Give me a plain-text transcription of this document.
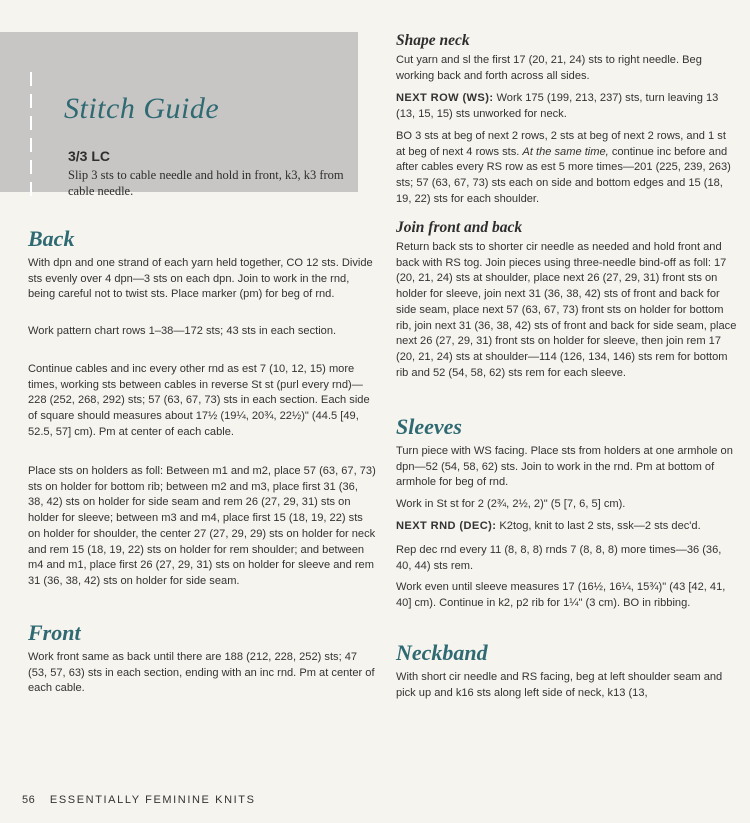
Stitch Guide

3/3 LC

Slip 3 sts to cable needle and hold in front, k3, k3 from cable needle.

Back

With dpn and one strand of each yarn held together, CO 12 sts. Divide sts evenly over 4 dpn—3 sts on each dpn. Join to work in the rnd, being careful not to twist sts. Place marker (pm) for beg of rnd.

Work pattern chart rows 1–38—172 sts; 43 sts in each section.

Continue cables and inc every other rnd as est 7 (10, 12, 15) more times, working sts between cables in reverse St st (purl every rnd)—228 (252, 268, 292) sts; 57 (63, 67, 73) sts in each section. Each side of square should measures about 17½ (19¼, 20¾, 22½)" (44.5 [49, 52.5, 57] cm). Pm at center of each cable.

Place sts on holders as foll: Between m1 and m2, place 57 (63, 67, 73) sts on holder for bottom rib; between m2 and m3, place first 31 (36, 38, 42) sts on holder for side seam and rem 26 (27, 29, 31) sts on holder for sleeve; between m3 and m4, place first 15 (18, 19, 22) sts on holder for shoulder, the center 27 (27, 29, 29) sts on holder for neck and rem 15 (18, 19, 22) sts on holder for rem shoulder; and between m4 and m1, place first 26 (27, 29, 31) sts on holder for sleeve and rem 31 (36, 38, 42) sts on holder for side seam.

Front

Work front same as back until there are 188 (212, 228, 252) sts; 47 (53, 57, 63) sts in each section, ending with an inc rnd. Pm at center of each cable.

Shape neck

Cut yarn and sl the first 17 (20, 21, 24) sts to right needle. Beg working back and forth across all sides.

NEXT ROW (WS): Work 175 (199, 213, 237) sts, turn leaving 13 (13, 15, 15) sts unworked for neck.

BO 3 sts at beg of next 2 rows, 2 sts at beg of next 2 rows, and 1 st at beg of next 4 rows sts. At the same time, continue inc before and after cables every RS row as est 5 more times—201 (225, 239, 263) sts; 57 (63, 67, 73) sts each on side and bottom edges and 15 (18, 19, 22) sts for each shoulder.

Join front and back

Return back sts to shorter cir needle as needed and hold front and back with RS tog. Join pieces using three-needle bind-off as foll: 17 (20, 21, 24) sts at shoulder, place next 26 (27, 29, 31) front sts on holder for sleeve, join next 31 (36, 38, 42) sts of front and back for side seam, place next 57 (63, 67, 73) front sts on holder for bottom rib, join next 31 (36, 38, 42) sts of front and back for side seam, place next 26 (27, 29, 31) front sts on holder for sleeve, then join rem 17 (20, 21, 24) sts at shoulder—114 (126, 134, 146) sts rem for bottom rib and 52 (54, 58, 62) sts rem for each sleeve.

Sleeves

Turn piece with WS facing. Place sts from holders at one armhole on dpn—52 (54, 58, 62) sts. Join to work in the rnd. Pm at bottom of armhole for beg of rnd.

Work in St st for 2 (2¾, 2½, 2)" (5 [7, 6, 5] cm).

NEXT RND (DEC): K2tog, knit to last 2 sts, ssk—2 sts dec'd.

Rep dec rnd every 11 (8, 8, 8) rnds 7 (8, 8, 8) more times—36 (36, 40, 44) sts rem.

Work even until sleeve measures 17 (16½, 16¼, 15¾)" (43 [42, 41, 40] cm). Continue in k2, p2 rib for 1¼" (3 cm). BO in ribbing.

Neckband

With short cir needle and RS facing, beg at left shoulder seam and pick up and k16 sts along left side of neck, k13 (13,

56 ESSENTIALLY FEMININE KNITS
